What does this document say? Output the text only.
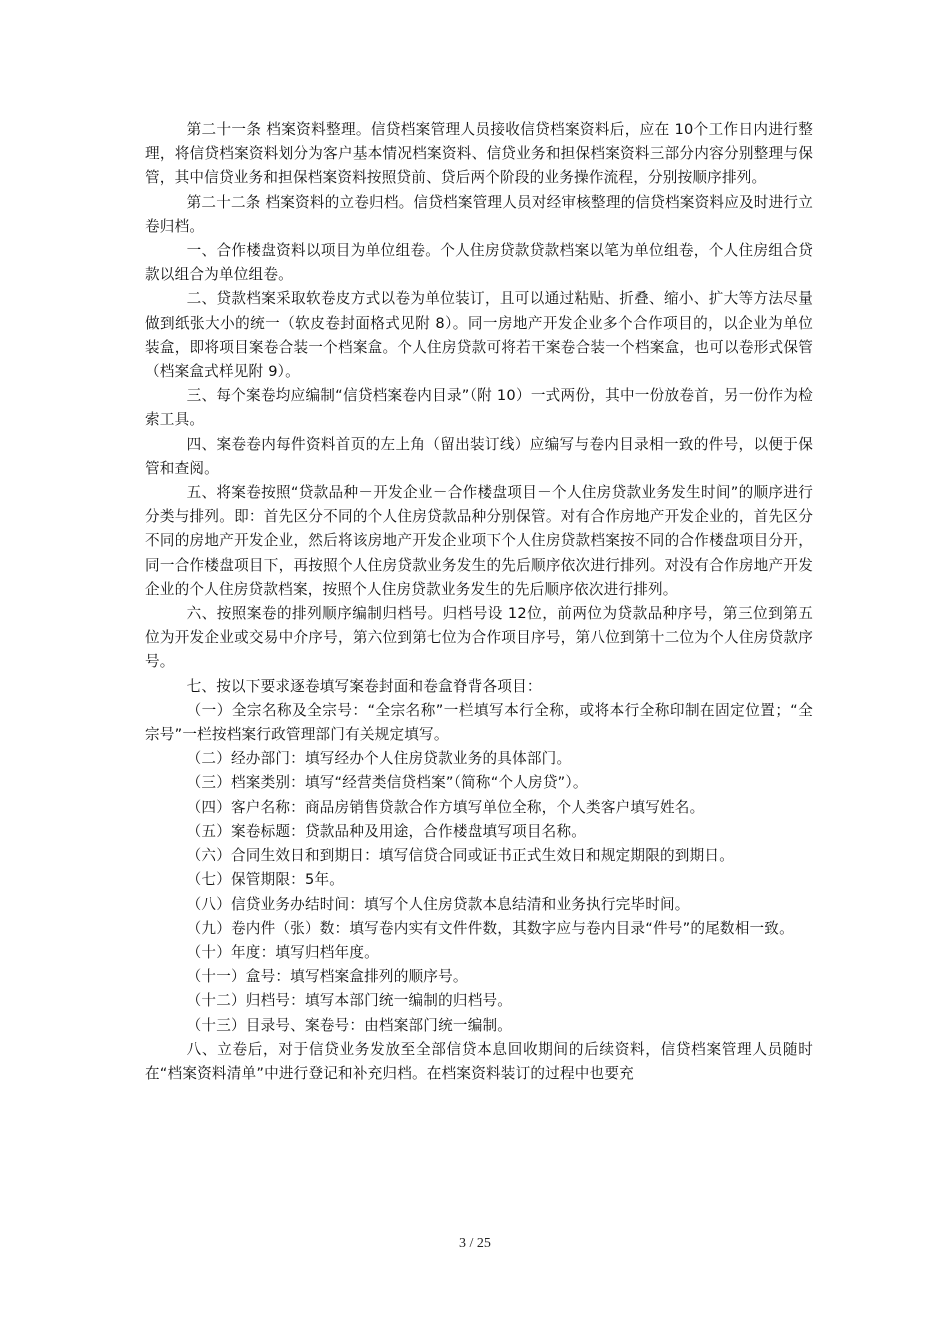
第二十一条 档案资料整理。信贷档案管理人员接收信贷档案资料后，应在 10个工作日内进行整理，将信贷档案资料划分为客户基本情况档案资料、信贷业务和担保档案资料三部分内容分别整理与保管，其中信贷业务和担保档案资料按照贷前、贷后两个阶段的业务操作流程，分别按顺序排列。

第二十二条 档案资料的立卷归档。信贷档案管理人员对经审核整理的信贷档案资料应及时进行立卷归档。

一、合作楼盘资料以项目为单位组卷。个人住房贷款贷款档案以笔为单位组卷，个人住房组合贷款以组合为单位组卷。

二、贷款档案采取软卷皮方式以卷为单位装订，且可以通过粘贴、折叠、缩小、扩大等方法尽量做到纸张大小的统一（软皮卷封面格式见附 8）。同一房地产开发企业多个合作项目的，以企业为单位装盒，即将项目案卷合装一个档案盒。个人住房贷款可将若干案卷合装一个档案盒，也可以卷形式保管（档案盒式样见附 9）。

三、每个案卷均应编制“信贷档案卷内目录”（附 10）一式两份，其中一份放卷首，另一份作为检索工具。

四、案卷卷内每件资料首页的左上角（留出装订线）应编写与卷内目录相一致的件号，以便于保管和查阅。

五、将案卷按照“贷款品种－开发企业－合作楼盘项目－个人住房贷款业务发生时间”的顺序进行分类与排列。即：首先区分不同的个人住房贷款品种分别保管。对有合作房地产开发企业的，首先区分不同的房地产开发企业，然后将该房地产开发企业项下个人住房贷款档案按不同的合作楼盘项目分开，同一合作楼盘项目下，再按照个人住房贷款业务发生的先后顺序依次进行排列。对没有合作房地产开发企业的个人住房贷款档案，按照个人住房贷款业务发生的先后顺序依次进行排列。

六、按照案卷的排列顺序编制归档号。归档号设 12位，前两位为贷款品种序号，第三位到第五位为开发企业或交易中介序号，第六位到第七位为合作项目序号，第八位到第十二位为个人住房贷款序号。

七、按以下要求逐卷填写案卷封面和卷盒脊背各项目：

（一）全宗名称及全宗号：“全宗名称”一栏填写本行全称，或将本行全称印制在固定位置；“全宗号”一栏按档案行政管理部门有关规定填写。

（二）经办部门：填写经办个人住房贷款业务的具体部门。

（三）档案类别：填写“经营类信贷档案”（简称“个人房贷”）。

（四）客户名称：商品房销售贷款合作方填写单位全称，个人类客户填写姓名。

（五）案卷标题：贷款品种及用途，合作楼盘填写项目名称。

（六）合同生效日和到期日：填写信贷合同或证书正式生效日和规定期限的到期日。

（七）保管期限：5年。

（八）信贷业务办结时间：填写个人住房贷款本息结清和业务执行完毕时间。

（九）卷内件（张）数：填写卷内实有文件件数，其数字应与卷内目录“件号”的尾数相一致。

（十）年度：填写归档年度。

（十一）盒号：填写档案盒排列的顺序号。

（十二）归档号：填写本部门统一编制的归档号。

（十三）目录号、案卷号：由档案部门统一编制。

八、立卷后，对于信贷业务发放至全部信贷本息回收期间的后续资料，信贷档案管理人员随时在“档案资料清单”中进行登记和补充归档。在档案资料装订的过程中也要充

3 / 25
